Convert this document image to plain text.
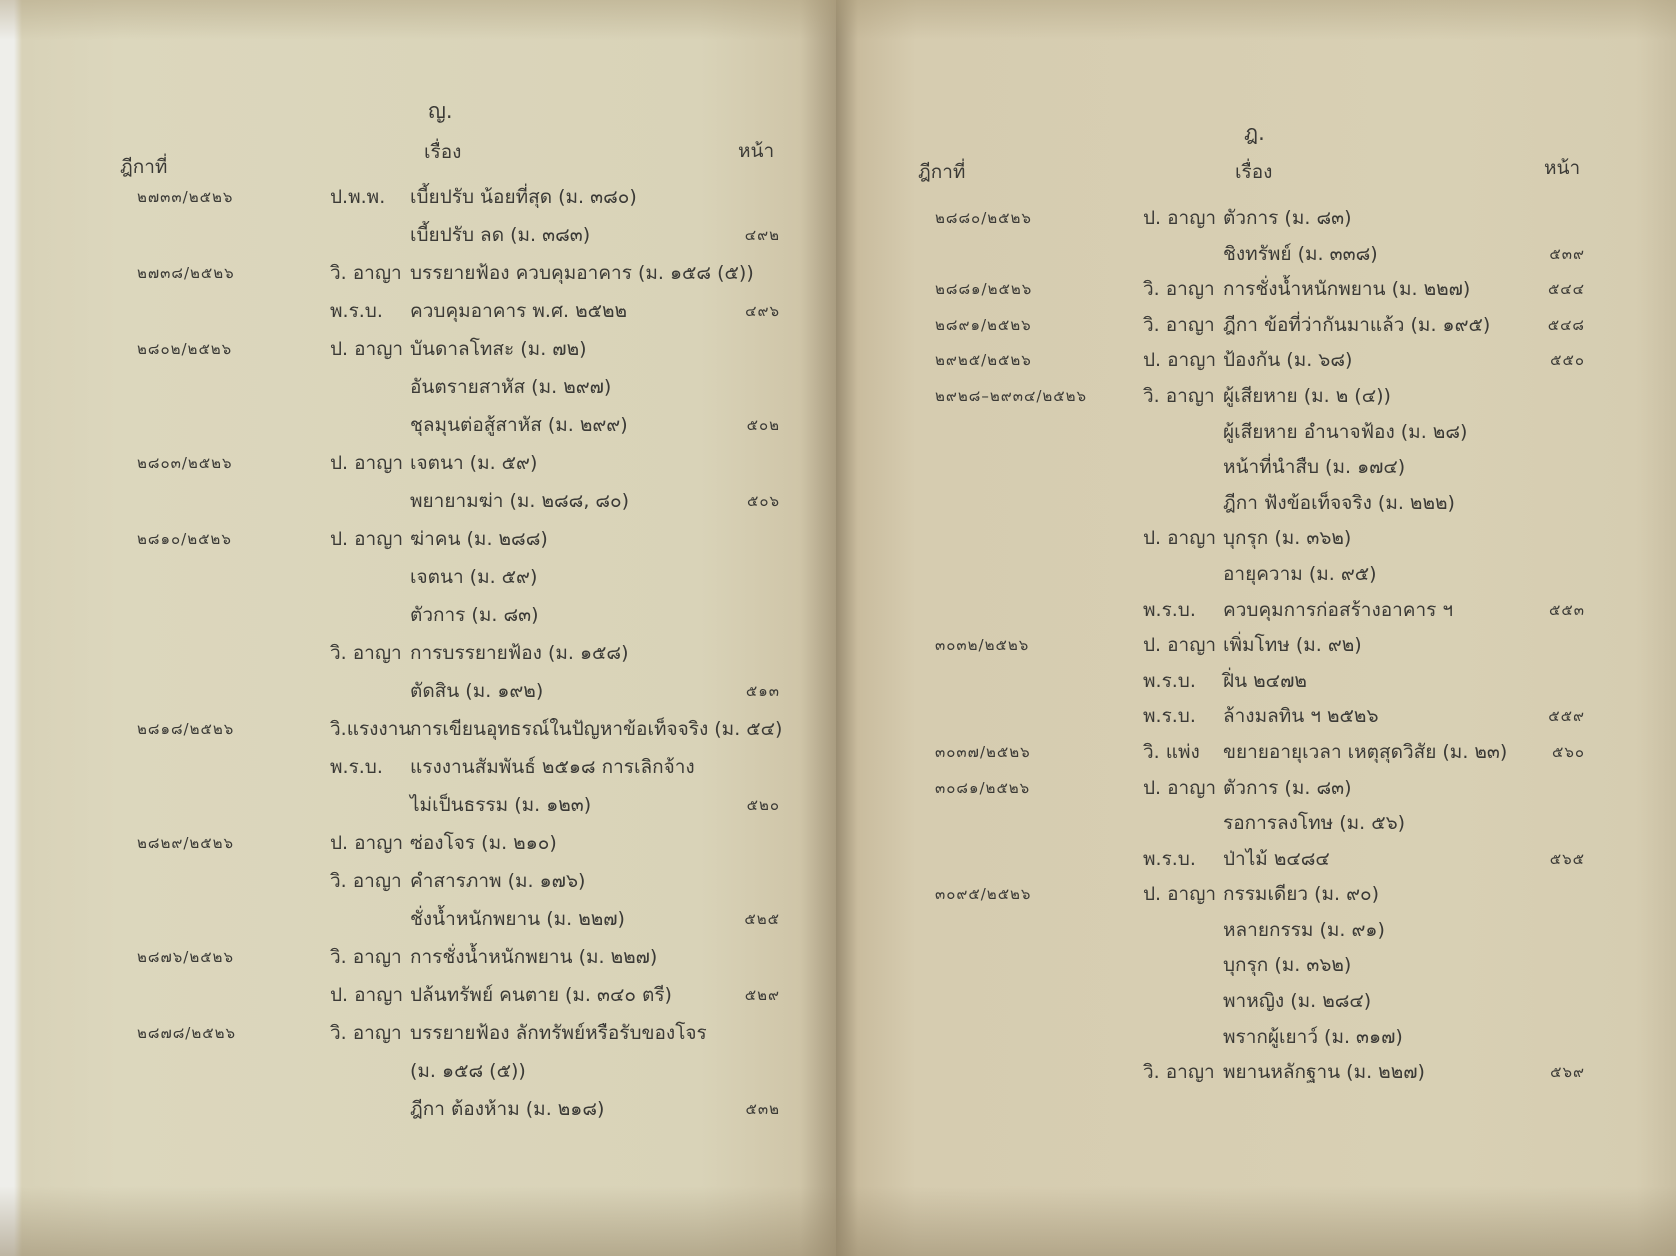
ญ.
ฎีกาที่
เรื่อง	หน้า
๒๗๓๓/๒๕๒๖	ป.พ.พ. เบี้ยปรับ น้อยที่สุด (ม. ๓๘๐)
เบี้ยปรับ ลด (ม. ๓๘๓)	๔๙๒
๒๗๓๘/๒๕๒๖	วิ. อาญา บรรยายฟ้อง ควบคุมอาคาร (ม. ๑๕๘ (๕))
พ.ร.บ. ควบคุมอาคาร พ.ศ. ๒๕๒๒	๔๙๖
๒๘๐๒/๒๕๒๖	ป. อาญา บันดาลโทสะ (ม. ๗๒)
อันตรายสาหัส (ม. ๒๙๗)
ชุลมุนต่อสู้สาหัส (ม. ๒๙๙)	๕๐๒
๒๘๐๓/๒๕๒๖	ป. อาญา เจตนา (ม. ๕๙)
พยายามฆ่า (ม. ๒๘๘, ๘๐)	๕๐๖
๒๘๑๐/๒๕๒๖	ป. อาญา ฆ่าคน (ม. ๒๘๘)
เจตนา (ม. ๕๙)
ตัวการ (ม. ๘๓)
วิ. อาญา การบรรยายฟ้อง (ม. ๑๕๘)
ตัดสิน (ม. ๑๙๒)	๕๑๓
๒๘๑๘/๒๕๒๖	วิ.แรงงาน
การเขียนอุทธรณ์ในปัญหาข้อเท็จจริง (ม. ๕๔)
พ.ร.บ. แรงงานสัมพันธ์ ๒๕๑๘ การเลิกจ้าง
ไม่เป็นธรรม (ม. ๑๒๓)	๕๒๐
๒๘๒๙/๒๕๒๖	ป. อาญา ซ่องโจร (ม. ๒๑๐)
วิ. อาญา คำสารภาพ (ม. ๑๗๖)
ชั่งน้ำหนักพยาน (ม. ๒๒๗)	๕๒๕
๒๘๗๖/๒๕๒๖	วิ. อาญา การชั่งน้ำหนักพยาน (ม. ๒๒๗)
ป. อาญา ปล้นทรัพย์ คนตาย (ม. ๓๔๐ ตรี)	๕๒๙
๒๘๗๘/๒๕๒๖	วิ. อาญา บรรยายฟ้อง ลักทรัพย์หรือรับของโจร
(ม. ๑๕๘ (๕))
ฎีกา ต้องห้าม (ม. ๒๑๘)	๕๓๒
ฎ.
ฎีกาที่	เรื่อง	หน้า
๒๘๘๐/๒๕๒๖	ป. อาญา ตัวการ (ม. ๘๓)
ชิงทรัพย์ (ม. ๓๓๘)	๕๓๙
๒๘๘๑/๒๕๒๖	วิ. อาญา การชั่งน้ำหนักพยาน (ม. ๒๒๗)	๕๔๔
๒๘๙๑/๒๕๒๖	วิ. อาญา ฎีกา ข้อที่ว่ากันมาแล้ว (ม. ๑๙๕)	๕๔๘
๒๙๒๕/๒๕๒๖	ป. อาญา ป้องกัน (ม. ๖๘)	๕๕๐
๒๙๒๘–๒๙๓๔/๒๕๒๖	วิ. อาญา ผู้เสียหาย (ม. ๒ (๔))
ผู้เสียหาย อำนาจฟ้อง (ม. ๒๘)
หน้าที่นำสืบ (ม. ๑๗๔)
ฎีกา ฟังข้อเท็จจริง (ม. ๒๒๒)
ป. อาญา บุกรุก (ม. ๓๖๒)
อายุความ (ม. ๙๕)
พ.ร.บ. ควบคุมการก่อสร้างอาคาร ฯ	๕๕๓
๓๐๓๒/๒๕๒๖	ป. อาญา เพิ่มโทษ (ม. ๙๒)
พ.ร.บ. ฝิ่น ๒๔๗๒
พ.ร.บ. ล้างมลทิน ฯ ๒๕๒๖	๕๕๙
๓๐๓๗/๒๕๒๖	วิ. แพ่ง ขยายอายุเวลา เหตุสุดวิสัย (ม. ๒๓)	๕๖๐
๓๐๘๑/๒๕๒๖	ป. อาญา ตัวการ (ม. ๘๓)
รอการลงโทษ (ม. ๕๖)
พ.ร.บ. ป่าไม้ ๒๔๘๔	๕๖๕
๓๐๙๕/๒๕๒๖	ป. อาญา กรรมเดียว (ม. ๙๐)
หลายกรรม (ม. ๙๑)
บุกรุก (ม. ๓๖๒)
พาหญิง (ม. ๒๘๔)
พรากผู้เยาว์ (ม. ๓๑๗)
วิ. อาญา พยานหลักฐาน (ม. ๒๒๗)	๕๖๙
